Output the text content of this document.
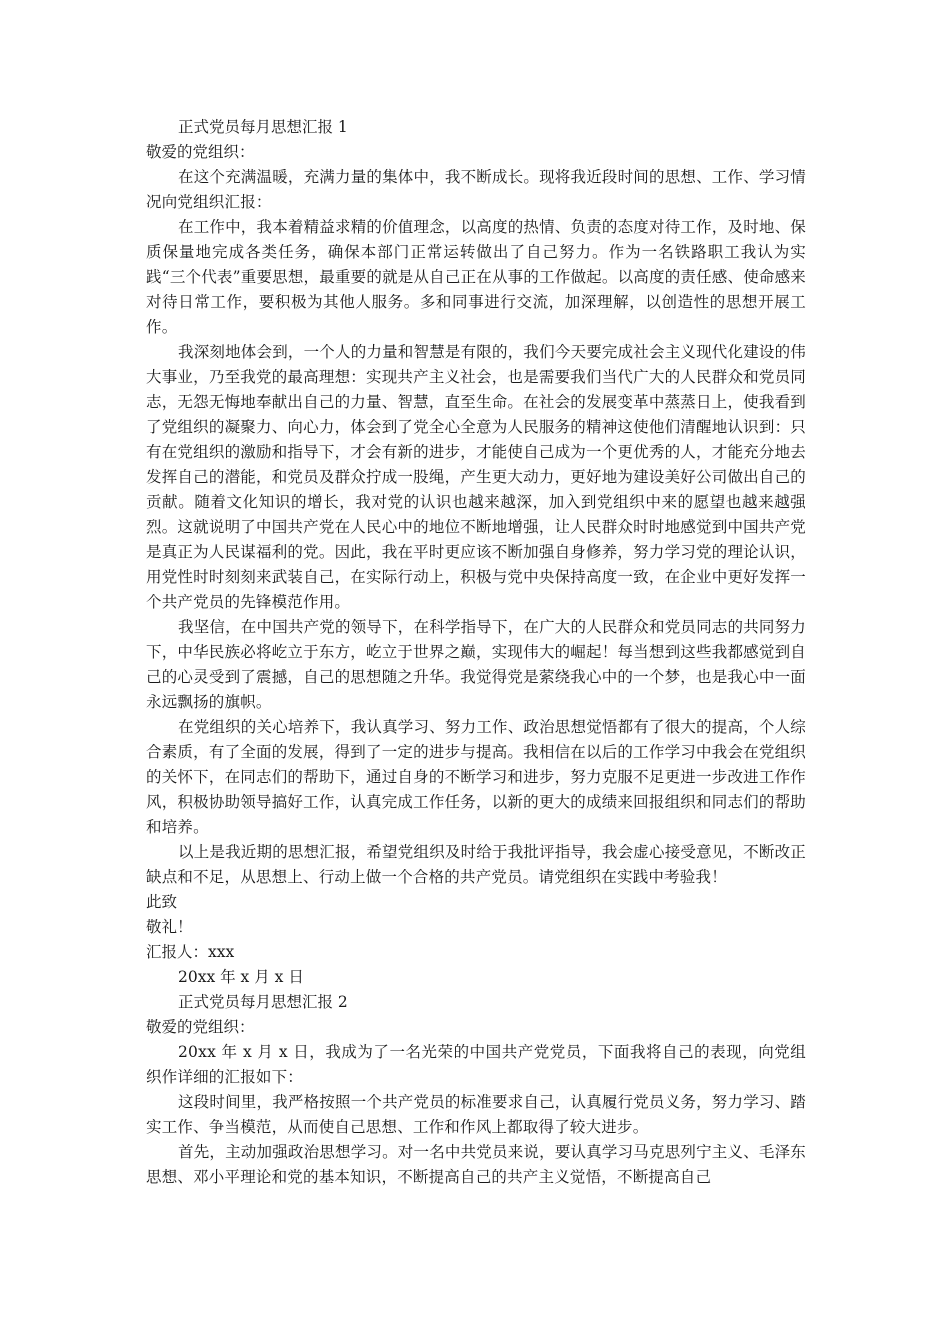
正式党员每月思想汇报 1

敬爱的党组织：

在这个充满温暖，充满力量的集体中，我不断成长。现将我近段时间的思想、工作、学习情况向党组织汇报：

在工作中，我本着精益求精的价值理念，以高度的热情、负责的态度对待工作，及时地、保质保量地完成各类任务，确保本部门正常运转做出了自己努力。作为一名铁路职工我认为实践“三个代表”重要思想，最重要的就是从自己正在从事的工作做起。以高度的责任感、使命感来对待日常工作，要积极为其他人服务。多和同事进行交流，加深理解，以创造性的思想开展工作。

我深刻地体会到，一个人的力量和智慧是有限的，我们今天要完成社会主义现代化建设的伟大事业，乃至我党的最高理想：实现共产主义社会，也是需要我们当代广大的人民群众和党员同志，无怨无悔地奉献出自己的力量、智慧，直至生命。在社会的发展变革中蒸蒸日上，使我看到了党组织的凝聚力、向心力，体会到了党全心全意为人民服务的精神这使他们清醒地认识到：只有在党组织的激励和指导下，才会有新的进步，才能使自己成为一个更优秀的人，才能充分地去发挥自己的潜能，和党员及群众拧成一股绳，产生更大动力，更好地为建设美好公司做出自己的贡献。随着文化知识的增长，我对党的认识也越来越深，加入到党组织中来的愿望也越来越强烈。这就说明了中国共产党在人民心中的地位不断地增强，让人民群众时时地感觉到中国共产党是真正为人民谋福利的党。因此，我在平时更应该不断加强自身修养，努力学习党的理论认识，用党性时时刻刻来武装自己，在实际行动上，积极与党中央保持高度一致，在企业中更好发挥一个共产党员的先锋模范作用。

我坚信，在中国共产党的领导下，在科学指导下，在广大的人民群众和党员同志的共同努力下，中华民族必将屹立于东方，屹立于世界之巅，实现伟大的崛起！每当想到这些我都感觉到自己的心灵受到了震撼，自己的思想随之升华。我觉得党是萦绕我心中的一个梦，也是我心中一面永远飘扬的旗帜。

在党组织的关心培养下，我认真学习、努力工作、政治思想觉悟都有了很大的提高，个人综合素质，有了全面的发展，得到了一定的进步与提高。我相信在以后的工作学习中我会在党组织的关怀下，在同志们的帮助下，通过自身的不断学习和进步，努力克服不足更进一步改进工作作风，积极协助领导搞好工作，认真完成工作任务，以新的更大的成绩来回报组织和同志们的帮助和培养。

以上是我近期的思想汇报，希望党组织及时给于我批评指导，我会虚心接受意见，不断改正缺点和不足，从思想上、行动上做一个合格的共产党员。请党组织在实践中考验我！

此致

敬礼！

汇报人：xxx

20xx 年 x 月 x 日

正式党员每月思想汇报 2

敬爱的党组织：

20xx 年 x 月 x 日，我成为了一名光荣的中国共产党党员，下面我将自己的表现，向党组织作详细的汇报如下：

这段时间里，我严格按照一个共产党员的标准要求自己，认真履行党员义务，努力学习、踏实工作、争当模范，从而使自己思想、工作和作风上都取得了较大进步。

首先，主动加强政治思想学习。对一名中共党员来说，要认真学习马克思列宁主义、毛泽东思想、邓小平理论和党的基本知识，不断提高自己的共产主义觉悟，不断提高自己
